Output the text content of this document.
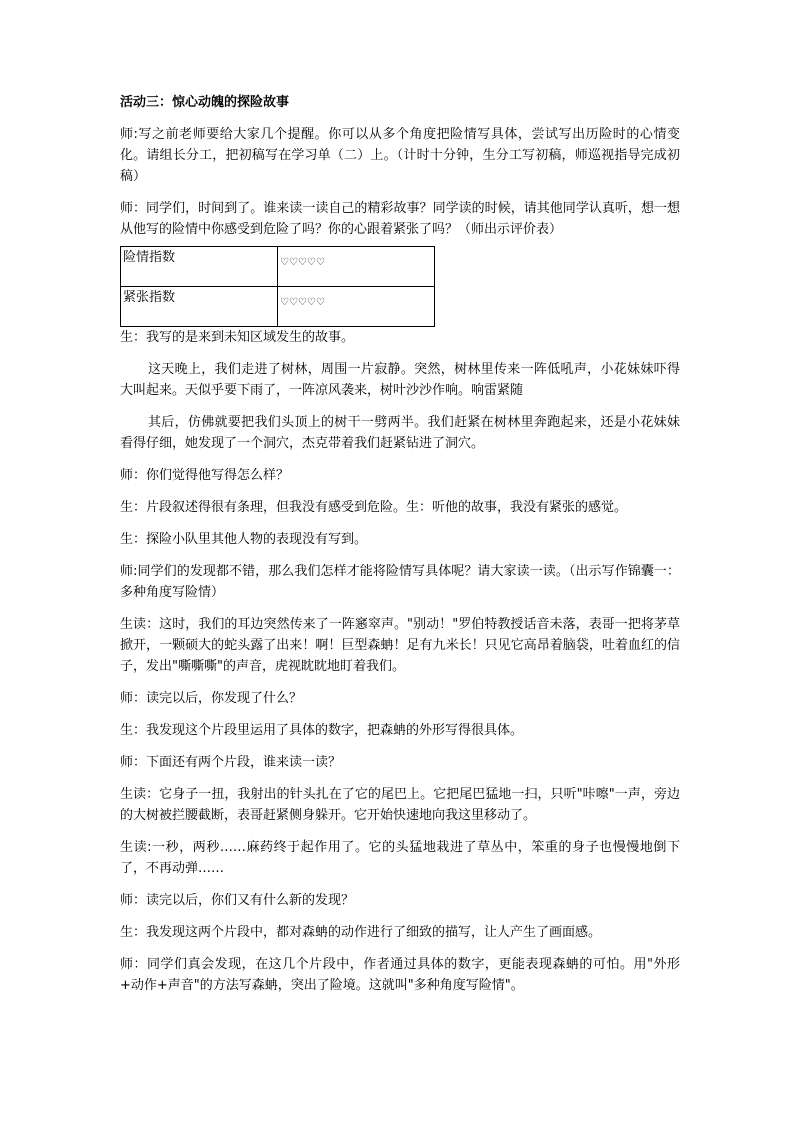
活动三：惊心动魄的探险故事

师:写之前老师要给大家几个提醒。你可以从多个角度把险情写具体，尝试写出历险时的心情变化。请组长分工，把初稿写在学习单（二）上。（计时十分钟，生分工写初稿，师巡视指导完成初稿）

师：同学们，时间到了。谁来读一读自己的精彩故事？同学读的时候，请其他同学认真听，想一想从他写的险情中你感受到危险了吗？你的心跟着紧张了吗？（师出示评价表）

险情指数	♡♡♡♡♡
紧张指数	♡♡♡♡♡

生：我写的是来到未知区域发生的故事。

这天晚上，我们走进了树林，周围一片寂静。突然，树林里传来一阵低吼声，小花妹妹吓得大叫起来。天似乎要下雨了，一阵凉风袭来，树叶沙沙作响。响雷紧随

其后，仿佛就要把我们头顶上的树干一劈两半。我们赶紧在树林里奔跑起来，还是小花妹妹看得仔细，她发现了一个洞穴，杰克带着我们赶紧钻进了洞穴。

师：你们觉得他写得怎么样？

生：片段叙述得很有条理，但我没有感受到危险。生：听他的故事，我没有紧张的感觉。

生：探险小队里其他人物的表现没有写到。

师:同学们的发现都不错，那么我们怎样才能将险情写具体呢？请大家读一读。（出示写作锦囊一：多种角度写险情）

生读：这时，我们的耳边突然传来了一阵窸窣声。"别动！"罗伯特教授话音未落，表哥一把将茅草掀开，一颗硕大的蛇头露了出来！啊！巨型森蚺！足有九米长！只见它高昂着脑袋，吐着血红的信子，发出"嘶嘶嘶"的声音，虎视眈眈地盯着我们。

师：读完以后，你发现了什么？

生：我发现这个片段里运用了具体的数字，把森蚺的外形写得很具体。

师：下面还有两个片段，谁来读一读？

生读：它身子一扭，我射出的针头扎在了它的尾巴上。它把尾巴猛地一扫，只听"咔嚓"一声，旁边的大树被拦腰截断，表哥赶紧侧身躲开。它开始快速地向我这里移动了。

生读:一秒，两秒……麻药终于起作用了。它的头猛地栽进了草丛中，笨重的身子也慢慢地倒下了，不再动弹……

师：读完以后，你们又有什么新的发现？

生：我发现这两个片段中，都对森蚺的动作进行了细致的描写，让人产生了画面感。

师：同学们真会发现，在这几个片段中，作者通过具体的数字，更能表现森蚺的可怕。用"外形+动作+声音"的方法写森蚺，突出了险境。这就叫"多种角度写险情"。
